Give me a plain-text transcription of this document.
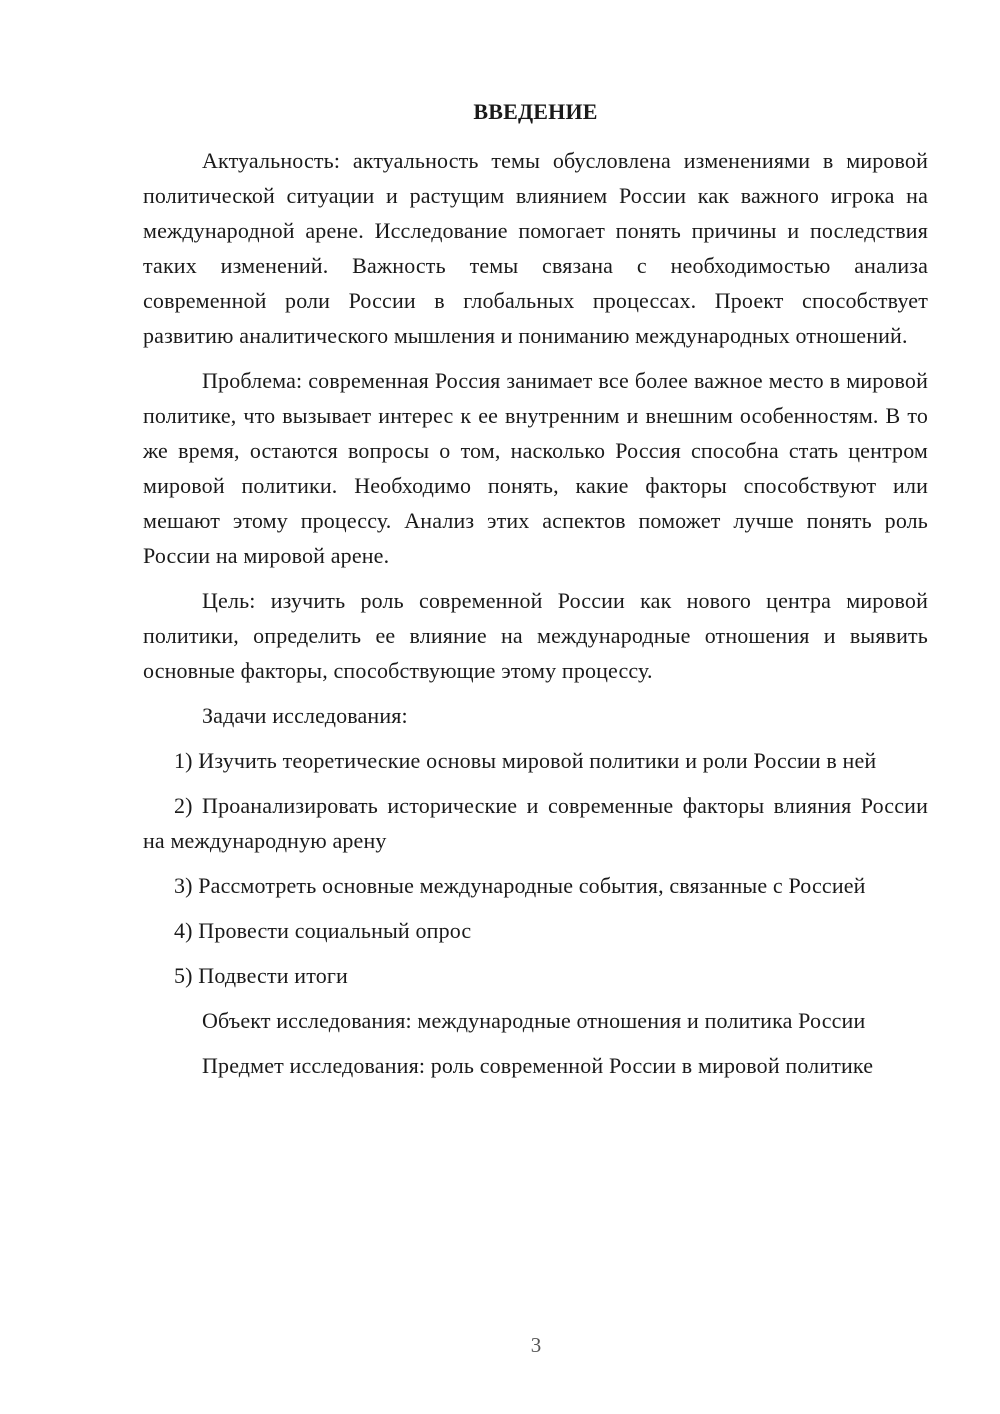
ВВЕДЕНИЕ

Актуальность: актуальность темы обусловлена изменениями в мировой политической ситуации и растущим влиянием России как важного игрока на международной арене. Исследование помогает понять причины и последствия таких изменений. Важность темы связана с необходимостью анализа современной роли России в глобальных процессах. Проект способствует развитию аналитического мышления и пониманию международных отношений.

Проблема: современная Россия занимает все более важное место в мировой политике, что вызывает интерес к ее внутренним и внешним особенностям. В то же время, остаются вопросы о том, насколько Россия способна стать центром мировой политики. Необходимо понять, какие факторы способствуют или мешают этому процессу. Анализ этих аспектов поможет лучше понять роль России на мировой арене.

Цель: изучить роль современной России как нового центра мировой политики, определить ее влияние на международные отношения и выявить основные факторы, способствующие этому процессу.

Задачи исследования:

1) Изучить теоретические основы мировой политики и роли России в ней

2) Проанализировать исторические и современные факторы влияния России на международную арену

3) Рассмотреть основные международные события, связанные с Россией

4) Провести социальный опрос

5) Подвести итоги

Объект исследования: международные отношения и политика России

Предмет исследования: роль современной России в мировой политике

3
